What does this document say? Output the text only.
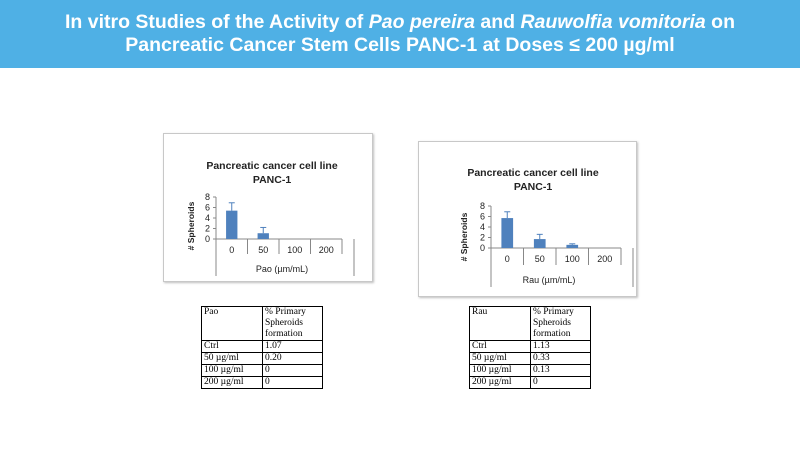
In vitro Studies of the Activity of Pao pereira and Rauwolfia vomitoria on
Pancreatic Cancer Stem Cells PANC-1 at Doses ≤ 200 µg/ml
Pancreatic cancer cell line
PANC-1
# Spheroids
Pao (µm/mL)
0
2
4
6
8
0	50 100 200
Pancreatic cancer cell line
PANC-1
# Spheroids
Rau (µm/mL)
0
2
4
6
8
0	50 100 200
Pao	% Primary Spheroids formation
Ctrl	1.07
50 µg/ml	0.20
100 µg/ml	0
200 µg/ml	0
Rau	% Primary Spheroids formation
Ctrl	1.13
50 µg/ml	0.33
100 µg/ml	0.13
200 µg/ml	0
